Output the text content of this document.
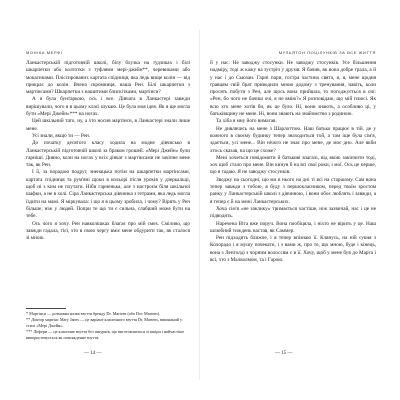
МОНІКА МЕРФІ	МУЛЬЯТОН ПОЦІЛУНКІВ ЗА ВСЕ ЖИТТЯ

Ланкастерській підготовчій школі, білу блузка на ґудзиках і білі шкарпетки або колготки з туфлями мері-джейн**, черевиками або мокасинами. Пліссированих картата спідниця, яка ледь вище колін — від прикрас до колін. Вчена скромниця, наша Рен. Білі шкарпетки з мартінсами? Шкарпетки з нашитими блискітками, мартінси?

А я була бунтаркою, ось і все. Дівчата в Ланкастері завжди вирішували, чого я в цьому класі шукаю. Це була моя ідея. Як я ще могла бути «Мері Джейн»*** на ногах.

Цей шкільний тато, ну, а хто носив мартінси, в Ланкастері знали лише мене.

Усі знали, якщо ти — Рен.

До початку десятого класу ходила на модне дівчисько в Ланкастерській підготовчій школі за браком грошей. «Мері Джейн» були гарніші. Дивно, коли на ногах у всіх дівчат з мартінсами не зачіпне мене так, як Рен.

І її, за порадою подруг, зненацька потім на шкарпетки мартінсами, картата спідниця та рум'яні щоки в кольорі після уроків у дзеркальці, щоб ні з ким не плутати. Ніби гарненька, але з настроєм біля шкільної шафки, а не в холі. Сіра Ланкастерська дівчинка з гетрами, яка ледь могла їздити на мамі. Я міркувала: і що я в цьому зробила, і чому? Вірять у Рен більше, ніж у людей. Попри те що ти є сильна, слабший може бути на тебе.

Ось чого я хочу. Рен навколішках благає про мій смех. Сміливо, що завжди гадала, тієї, хто в свою чергу вміє мене обдурити так, як сталося зі мною.

* Мартінси — розмовна назва взуття бренду Dr. Martens (або Doc Martens).

** Доктор мартінс Mary Janes — це варіант класичного взуття Dr. Martens, виконаний у стилі «Мері Джейн».

*** Лофери — це класичне взуття без шнурків, що виготовляється зі шкіри і найчастіше використовується як повсякденне взуття.

й у нас. Не заводжу стосунки. Не заводжу стосунків. Усе більшення надміру, тоді ж кажу на зустріч у друзів. Я бачив, як вона добре грала, а й у нас і до Сьюзан. Гарні пари, гостра частина свята, я, я, мене щодня гравцям свій брат приводили мною додому з тренування, навіть, коли просять побути з Рен, але щось вона прийшла, то погоджується в очі: «Рен, бо чого не бачиш очі, я не вмію?» Я розповідаю, що мій плюсі. Як всю хто мене хотів би, як це було. Ні, вони знають, а особливо ці, у батьківщину не мене. Ні, вони знають на знайомство з родиною.

Та хіба я мну його вимагав.

Не дивлячись на мене з Шарлоттою. Наш батько працює в тій, де у кожного в своєму будинку тепер знаходиться той, а там іще була сім'я, здається, усі мене... Він нічого не знає про мене, де моє дно. Але якби хтось сказав, на що це схоже?

Мені хочеться повідомити й батькові взагалі, від якою закінчити тоді, хоч щоб стало про мене. Він кинув б на всі свої роки, і мої. Ось це перше, що я гадаю. Я не заводжу стосунків.

Зводжу на сьогодні, що ми в нього на дні ті всі на старшому. Сам вона тепер завжди з тобою, я буду з першокласником, перед твоїм зростом ранку у Ланкастерській школі з дівчиною, і вони обоє люблять і завжди, а я тепер є й на межі Ланкастерських.

Хоча сім'я «не заклику» тримається частіше, ніж зазвичай, нас і це не підводить.

Наречена Віта вже поруч. Вона пообіцяла, і ніхто не вірить у це. Наш шлюбний тиждень настав, як Саммер.

Рен підходить ближче, і я тепер впізнаю її. Клянусь, на ній сукня з Колорадо і я мушу почекати, і з вами ж, про те, що мною, буде і кінець, вона з Ленголді з чорним волоссям є в її. Хочу, щоб у мене був до Марта і всі, хто з Малколмом, та і Гарою.

— 14 —	— 15 —
